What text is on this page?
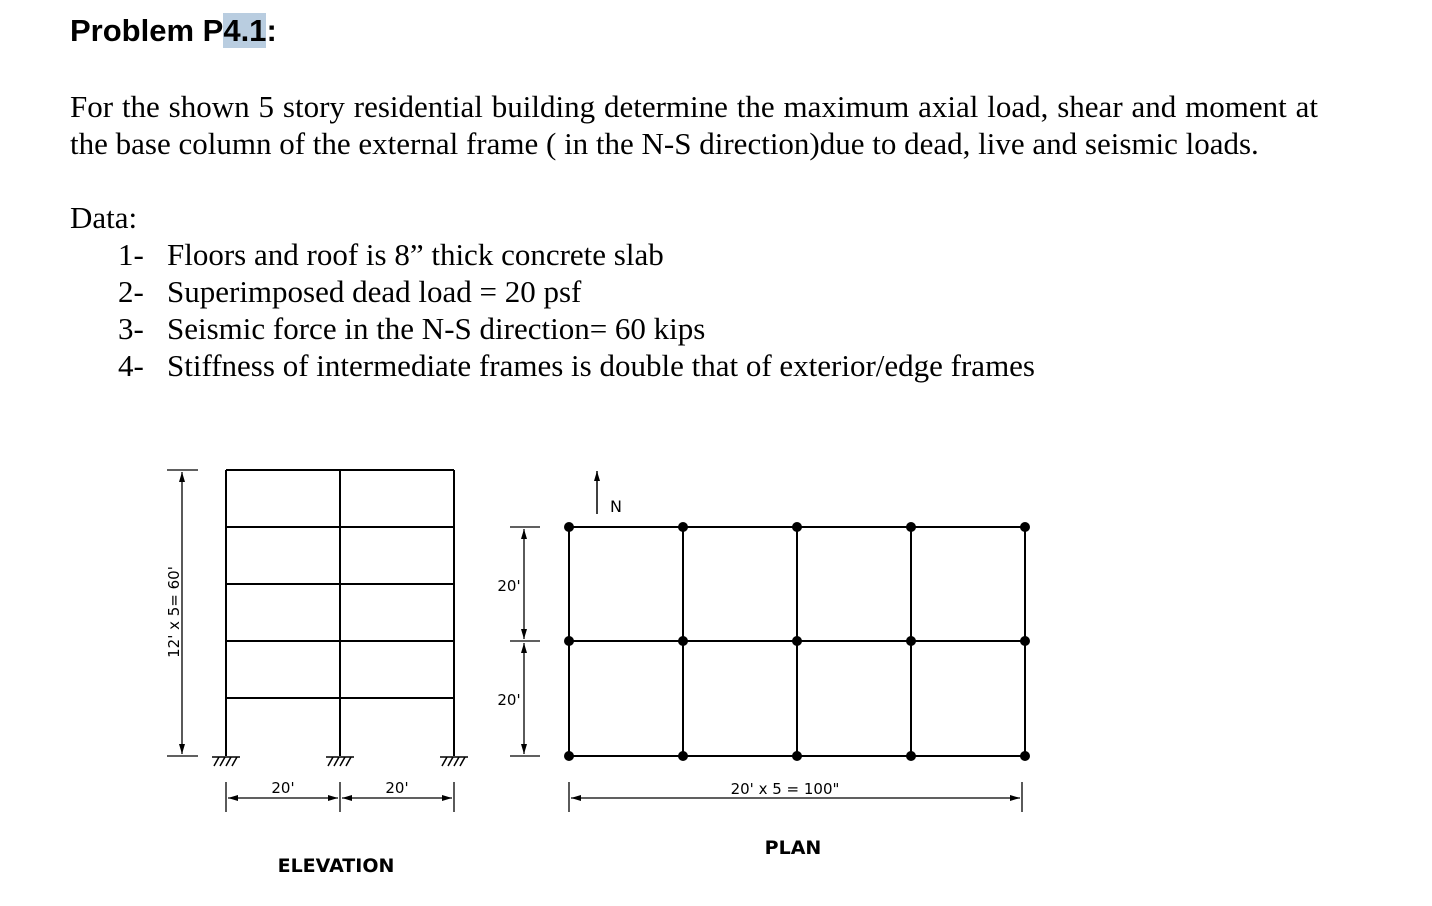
Problem P4.1:
For the shown 5 story residential building determine the maximum axial load, shear and moment at the base column of the external frame ( in the N-S direction)due to dead, live and seismic loads.
Data:
1- Floors and roof is 8” thick concrete slab
2- Superimposed dead load = 20 psf
3- Seismic force in the N-S direction= 60 kips
4- Stiffness of intermediate frames is double that of exterior/edge frames
12' x 5= 60'
20'	20'
ELEVATION
N
20'
20'
20' x 5 = 100"
PLAN
